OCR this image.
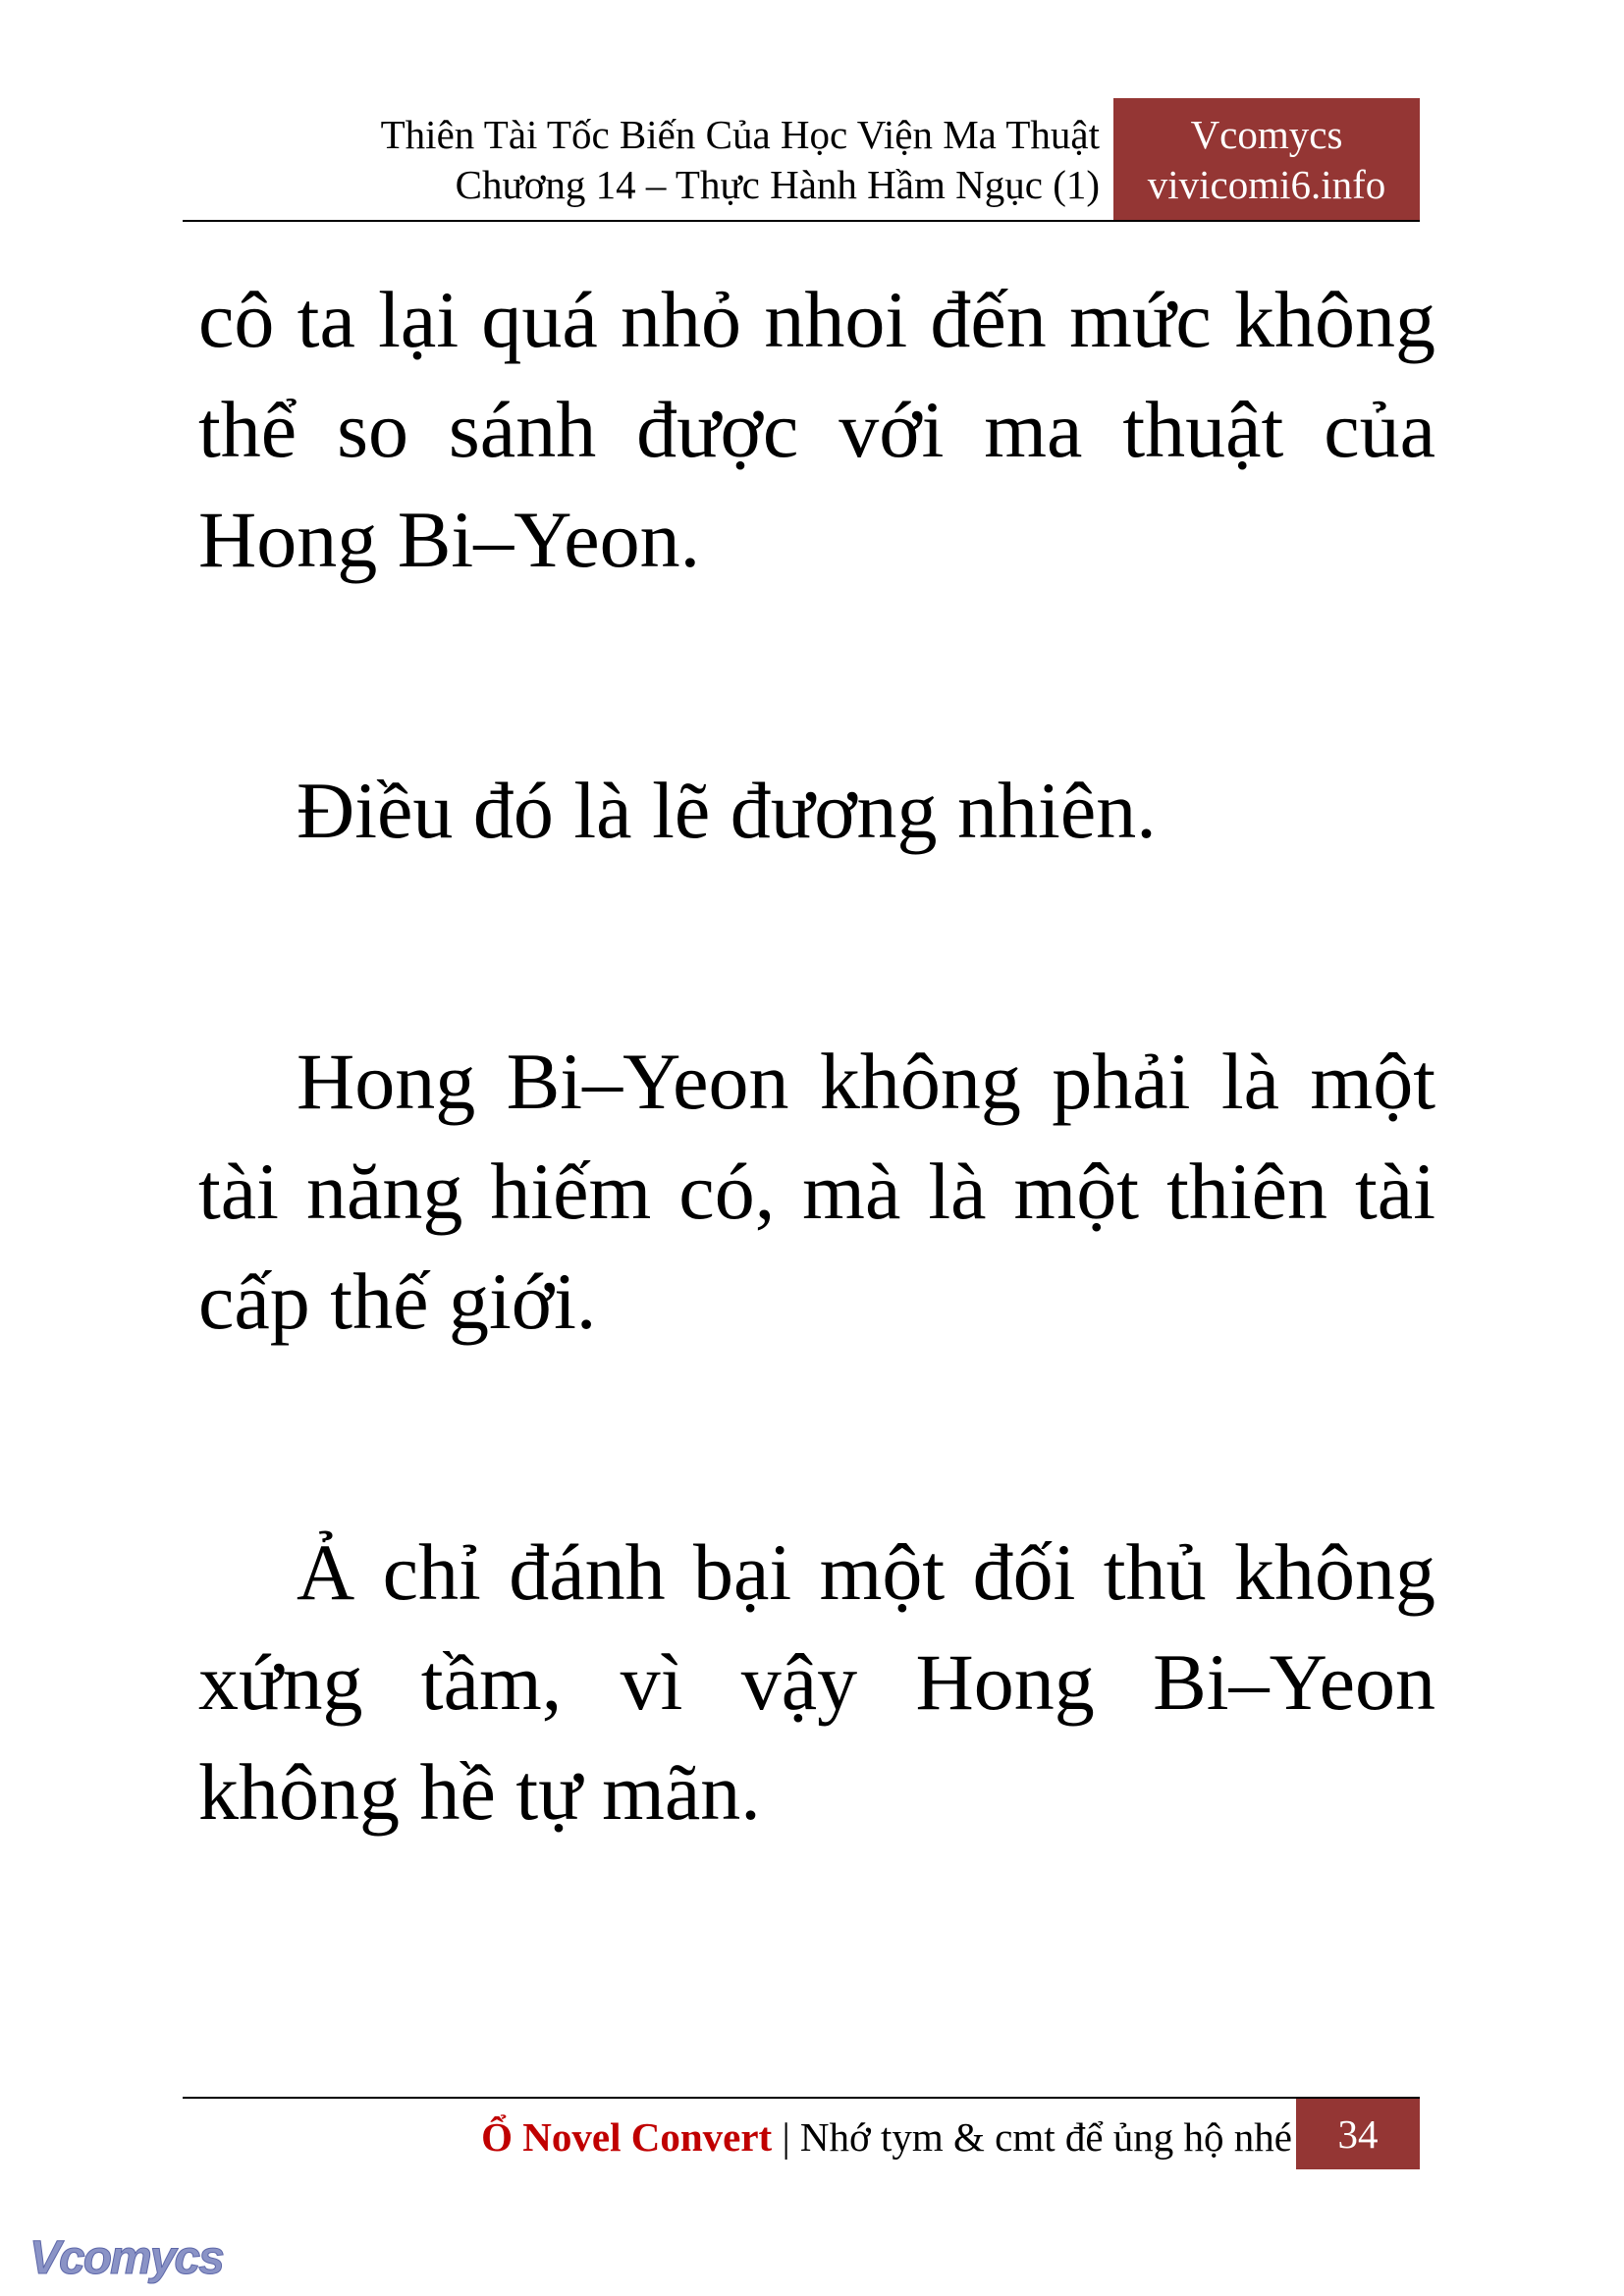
Thiên Tài Tốc Biến Của Học Viện Ma Thuật
Chương 14 – Thực Hành Hầm Ngục (1)
Vcomycs
vivicomi6.info

cô ta lại quá nhỏ nhoi đến mức không thể so sánh được với ma thuật của Hong Bi–Yeon.

Điều đó là lẽ đương nhiên.

Hong Bi–Yeon không phải là một tài năng hiếm có, mà là một thiên tài cấp thế giới.

Ả chỉ đánh bại một đối thủ không xứng tầm, vì vậy Hong Bi–Yeon không hề tự mãn.

Ổ Novel Convert | Nhớ tym & cmt để ủng hộ nhé	34
Vcomycs
